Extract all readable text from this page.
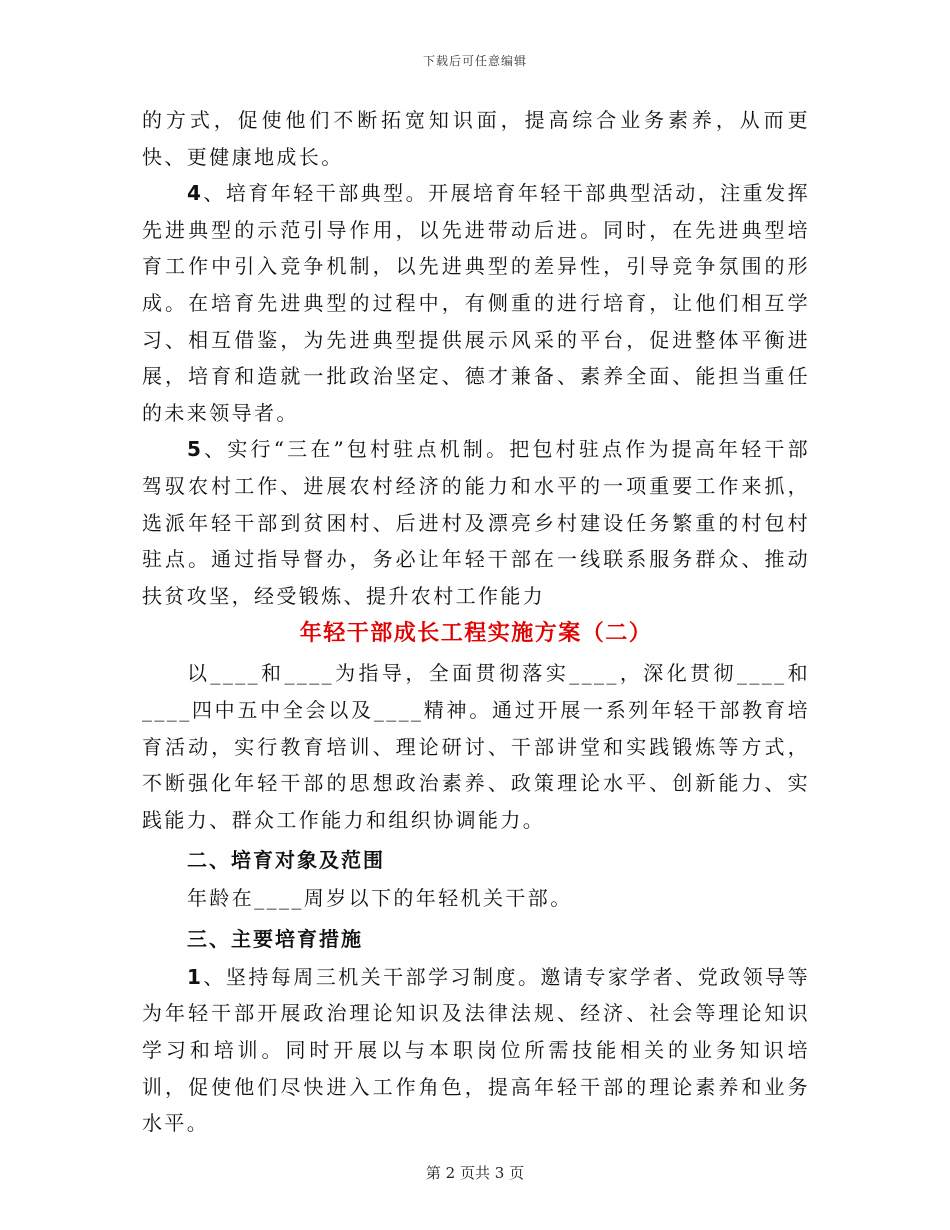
下载后可任意编辑

的方式，促使他们不断拓宽知识面，提高综合业务素养，从而更快、更健康地成长。

4、培育年轻干部典型。开展培育年轻干部典型活动，注重发挥先进典型的示范引导作用，以先进带动后进。同时，在先进典型培育工作中引入竞争机制，以先进典型的差异性，引导竞争氛围的形成。在培育先进典型的过程中，有侧重的进行培育，让他们相互学习、相互借鉴，为先进典型提供展示风采的平台，促进整体平衡进展，培育和造就一批政治坚定、德才兼备、素养全面、能担当重任的未来领导者。

5、实行“三在”包村驻点机制。把包村驻点作为提高年轻干部驾驭农村工作、进展农村经济的能力和水平的一项重要工作来抓，选派年轻干部到贫困村、后进村及漂亮乡村建设任务繁重的村包村驻点。通过指导督办，务必让年轻干部在一线联系服务群众、推动扶贫攻坚，经受锻炼、提升农村工作能力

年轻干部成长工程实施方案（二）

以____和____为指导，全面贯彻落实____，深化贯彻____和____四中五中全会以及____精神。通过开展一系列年轻干部教育培育活动，实行教育培训、理论研讨、干部讲堂和实践锻炼等方式，不断强化年轻干部的思想政治素养、政策理论水平、创新能力、实践能力、群众工作能力和组织协调能力。

二、培育对象及范围

年龄在____周岁以下的年轻机关干部。

三、主要培育措施

1、坚持每周三机关干部学习制度。邀请专家学者、党政领导等为年轻干部开展政治理论知识及法律法规、经济、社会等理论知识学习和培训。同时开展以与本职岗位所需技能相关的业务知识培训，促使他们尽快进入工作角色，提高年轻干部的理论素养和业务水平。

第 2 页共 3 页
